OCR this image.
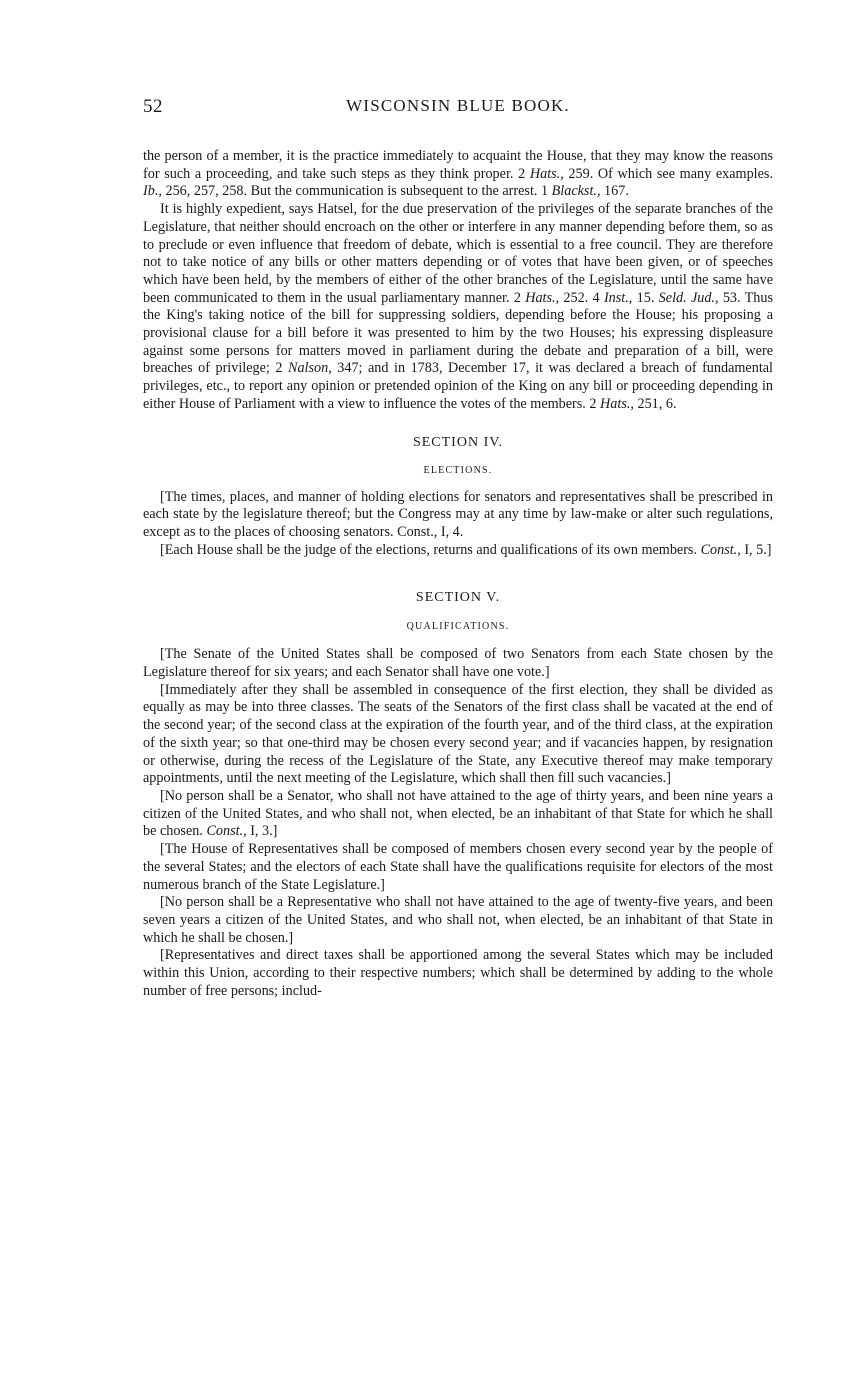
52	WISCONSIN BLUE BOOK.

the person of a member, it is the practice immediately to acquaint the House, that they may know the reasons for such a proceeding, and take such steps as they think proper. 2 Hats., 259. Of which see many examples. Ib., 256, 257, 258. But the communication is subsequent to the arrest. 1 Blackst., 167.

It is highly expedient, says Hatsel, for the due preservation of the privileges of the separate branches of the Legislature, that neither should encroach on the other or interfere in any manner depending before them, so as to preclude or even influence that freedom of debate, which is essential to a free council. They are therefore not to take notice of any bills or other matters depending or of votes that have been given, or of speeches which have been held, by the members of either of the other branches of the Legislature, until the same have been communicated to them in the usual parliamentary manner. 2 Hats., 252. 4 Inst., 15. Seld. Jud., 53. Thus the King's taking notice of the bill for suppressing soldiers, depending before the House; his proposing a provisional clause for a bill before it was presented to him by the two Houses; his expressing displeasure against some persons for matters moved in parliament during the debate and preparation of a bill, were breaches of privilege; 2 Nalson, 347; and in 1783, December 17, it was declared a breach of fundamental privileges, etc., to report any opinion or pretended opinion of the King on any bill or proceeding depending in either House of Parliament with a view to influence the votes of the members. 2 Hats., 251, 6.

SECTION IV.
ELECTIONS.

[The times, places, and manner of holding elections for senators and representatives shall be prescribed in each state by the legislature thereof; but the Congress may at any time by law-make or alter such regulations, except as to the places of choosing senators. Const., I, 4.

[Each House shall be the judge of the elections, returns and qualifications of its own members. Const., I, 5.]

SECTION V.
QUALIFICATIONS.

[The Senate of the United States shall be composed of two Senators from each State chosen by the Legislature thereof for six years; and each Senator shall have one vote.]

[Immediately after they shall be assembled in consequence of the first election, they shall be divided as equally as may be into three classes. The seats of the Senators of the first class shall be vacated at the end of the second year; of the second class at the expiration of the fourth year, and of the third class, at the expiration of the sixth year; so that one-third may be chosen every second year; and if vacancies happen, by resignation or otherwise, during the recess of the Legislature of the State, any Executive thereof may make temporary appointments, until the next meeting of the Legislature, which shall then fill such vacancies.]

[No person shall be a Senator, who shall not have attained to the age of thirty years, and been nine years a citizen of the United States, and who shall not, when elected, be an inhabitant of that State for which he shall be chosen. Const., I, 3.]

[The House of Representatives shall be composed of members chosen every second year by the people of the several States; and the electors of each State shall have the qualifications requisite for electors of the most numerous branch of the State Legislature.]

[No person shall be a Representative who shall not have attained to the age of twenty-five years, and been seven years a citizen of the United States, and who shall not, when elected, be an inhabitant of that State in which he shall be chosen.]

[Representatives and direct taxes shall be apportioned among the several States which may be included within this Union, according to their respective numbers; which shall be determined by adding to the whole number of free persons; includ-
